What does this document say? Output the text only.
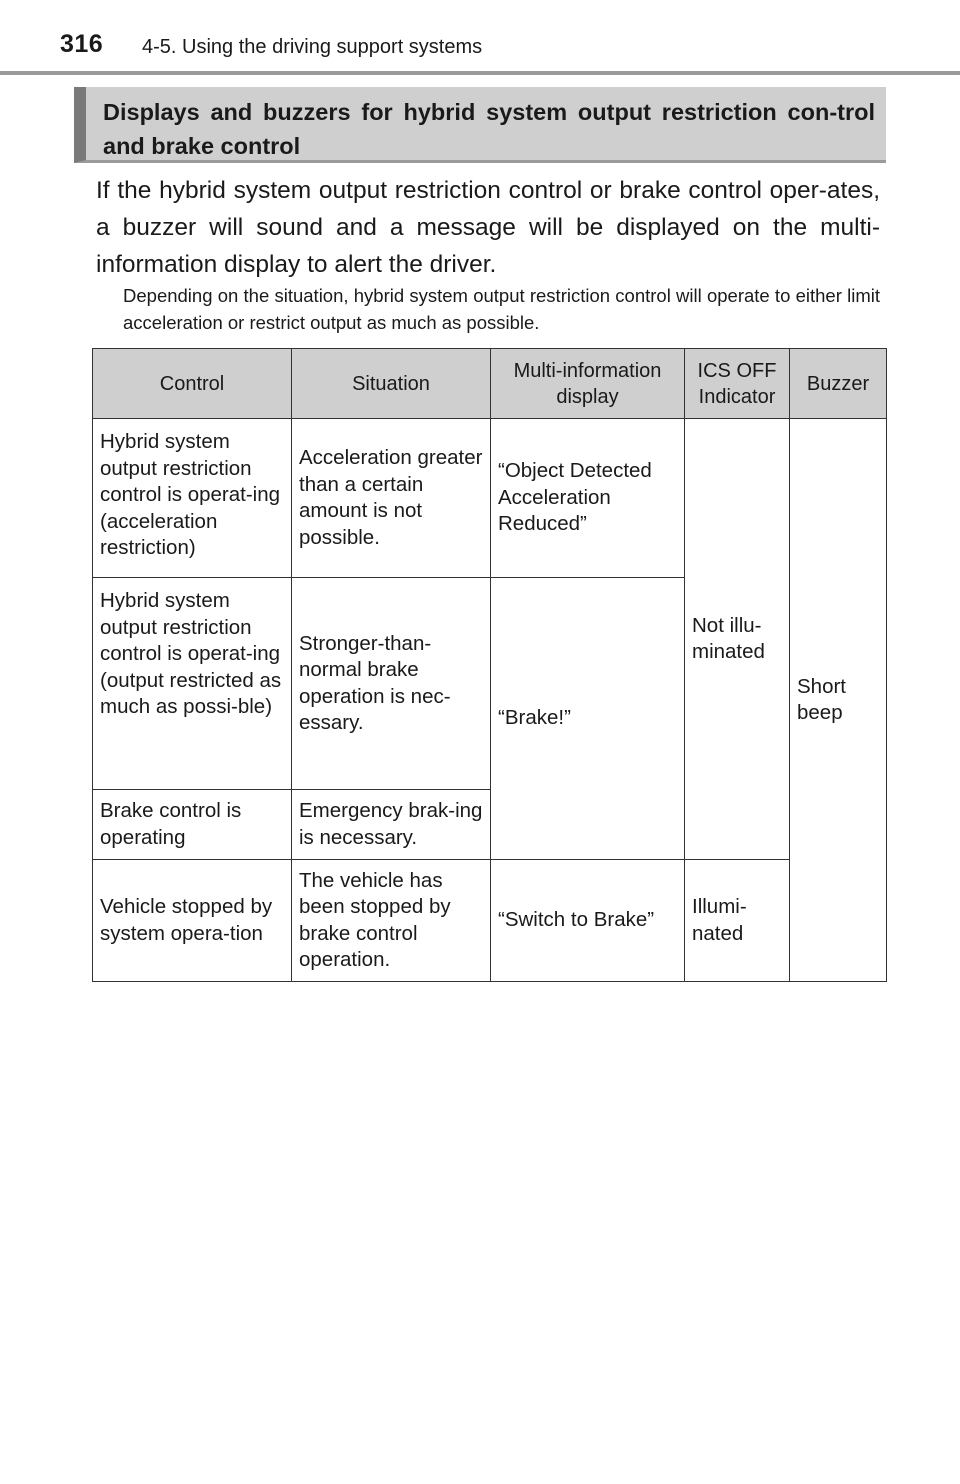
316 4-5. Using the driving support systems
Displays and buzzers for hybrid system output restriction con-trol and brake control
If the hybrid system output restriction control or brake control oper-ates, a buzzer will sound and a message will be displayed on the multi-information display to alert the driver.
Depending on the situation, hybrid system output restriction control will operate to either limit acceleration or restrict output as much as possible.
Control	Situation	Multi-information display	ICS OFF Indicator	Buzzer

Hybrid system output restriction control is operat-ing (acceleration restriction)	Acceleration greater than a certain amount is not possible.	“Object Detected Acceleration Reduced”	Not illu-minated	Short beep

Hybrid system output restriction control is operat-ing (output restricted as much as possi-ble)	Stronger-than-normal brake operation is nec-essary.	“Brake!”		

Brake control is operating	Emergency brak-ing is necessary.			

Vehicle stopped by system opera-tion	The vehicle has been stopped by brake control operation.	“Switch to Brake”	Illumi-nated	
